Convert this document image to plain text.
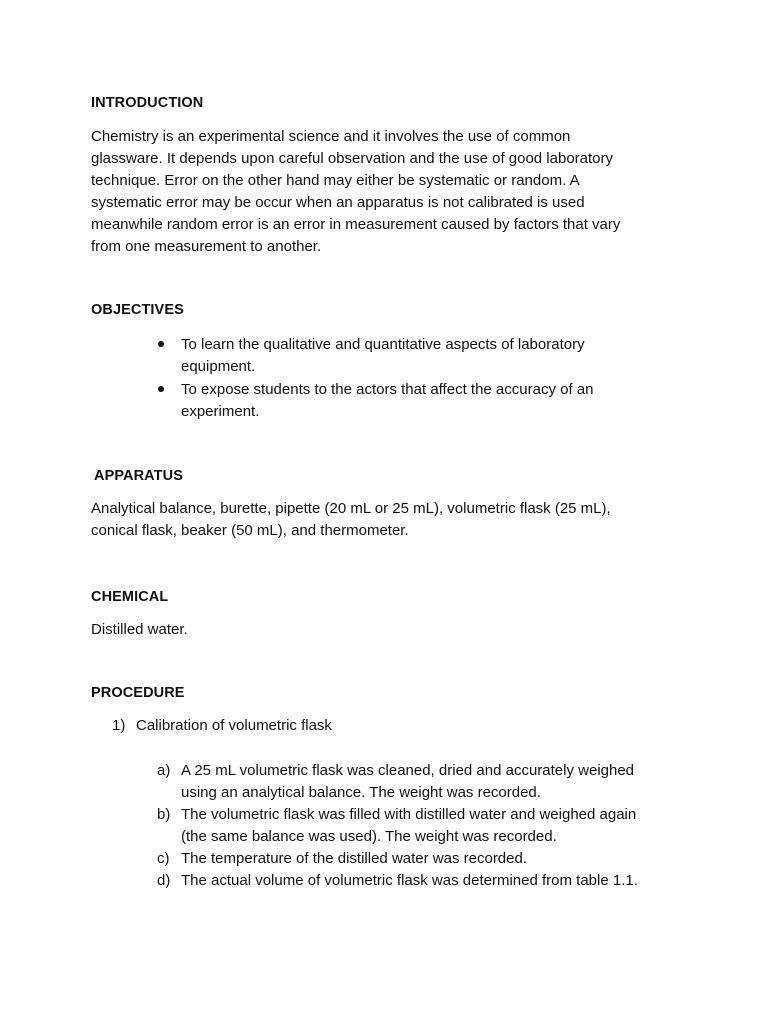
INTRODUCTION
Chemistry is an experimental science and it involves the use of common
glassware. It depends upon careful observation and the use of good laboratory
technique. Error on the other hand may either be systematic or random. A
systematic error may be occur when an apparatus is not calibrated is used
meanwhile random error is an error in measurement caused by factors that vary
from one measurement to another.
OBJECTIVES
To learn the qualitative and quantitative aspects of laboratory
equipment.
To expose students to the actors that affect the accuracy of an
experiment.
APPARATUS
Analytical balance, burette, pipette (20 mL or 25 mL), volumetric flask (25 mL),
conical flask, beaker (50 mL), and thermometer.
CHEMICAL
Distilled water.
PROCEDURE
1) Calibration of volumetric flask
a) A 25 mL volumetric flask was cleaned, dried and accurately weighed
using an analytical balance. The weight was recorded.
b) The volumetric flask was filled with distilled water and weighed again
(the same balance was used). The weight was recorded.
c) The temperature of the distilled water was recorded.
d) The actual volume of volumetric flask was determined from table 1.1.
